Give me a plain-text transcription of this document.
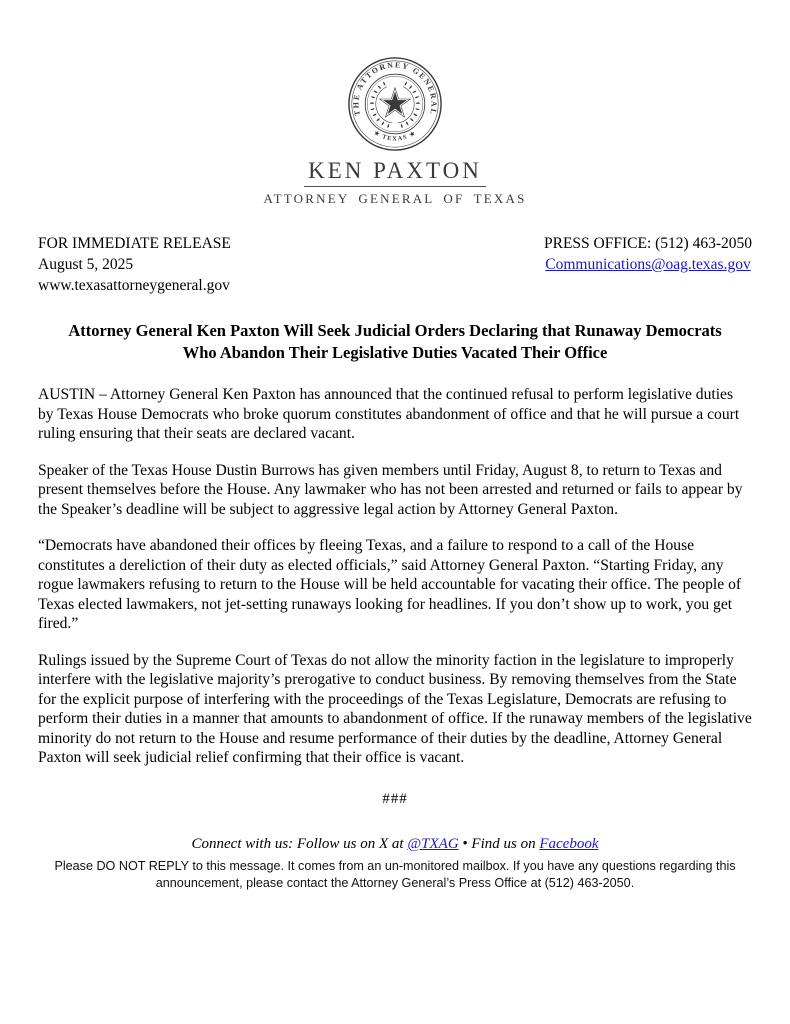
THE ATTORNEY GENERAL
★ TEXAS ★
KEN PAXTON
ATTORNEY GENERAL OF TEXAS
FOR IMMEDIATE RELEASE
August 5, 2025
www.texasattorneygeneral.gov
PRESS OFFICE: (512) 463-2050
Communications@oag.texas.gov
Attorney General Ken Paxton Will Seek Judicial Orders Declaring that Runaway Democrats Who Abandon Their Legislative Duties Vacated Their Office

AUSTIN – Attorney General Ken Paxton has announced that the continued refusal to perform legislative duties by Texas House Democrats who broke quorum constitutes abandonment of office and that he will pursue a court ruling ensuring that their seats are declared vacant.

Speaker of the Texas House Dustin Burrows has given members until Friday, August 8, to return to Texas and present themselves before the House. Any lawmaker who has not been arrested and returned or fails to appear by the Speaker’s deadline will be subject to aggressive legal action by Attorney General Paxton.

“Democrats have abandoned their offices by fleeing Texas, and a failure to respond to a call of the House constitutes a dereliction of their duty as elected officials,” said Attorney General Paxton. “Starting Friday, any rogue lawmakers refusing to return to the House will be held accountable for vacating their office. The people of Texas elected lawmakers, not jet-setting runaways looking for headlines. If you don’t show up to work, you get fired.”

Rulings issued by the Supreme Court of Texas do not allow the minority faction in the legislature to improperly interfere with the legislative majority’s prerogative to conduct business. By removing themselves from the State for the explicit purpose of interfering with the proceedings of the Texas Legislature, Democrats are refusing to perform their duties in a manner that amounts to abandonment of office. If the runaway members of the legislative minority do not return to the House and resume performance of their duties by the deadline, Attorney General Paxton will seek judicial relief confirming that their office is vacant.

###
Connect with us: Follow us on X at @TXAG • Find us on Facebook
Please DO NOT REPLY to this message. It comes from an un-monitored mailbox. If you have any questions regarding this announcement, please contact the Attorney General’s Press Office at (512) 463-2050.
